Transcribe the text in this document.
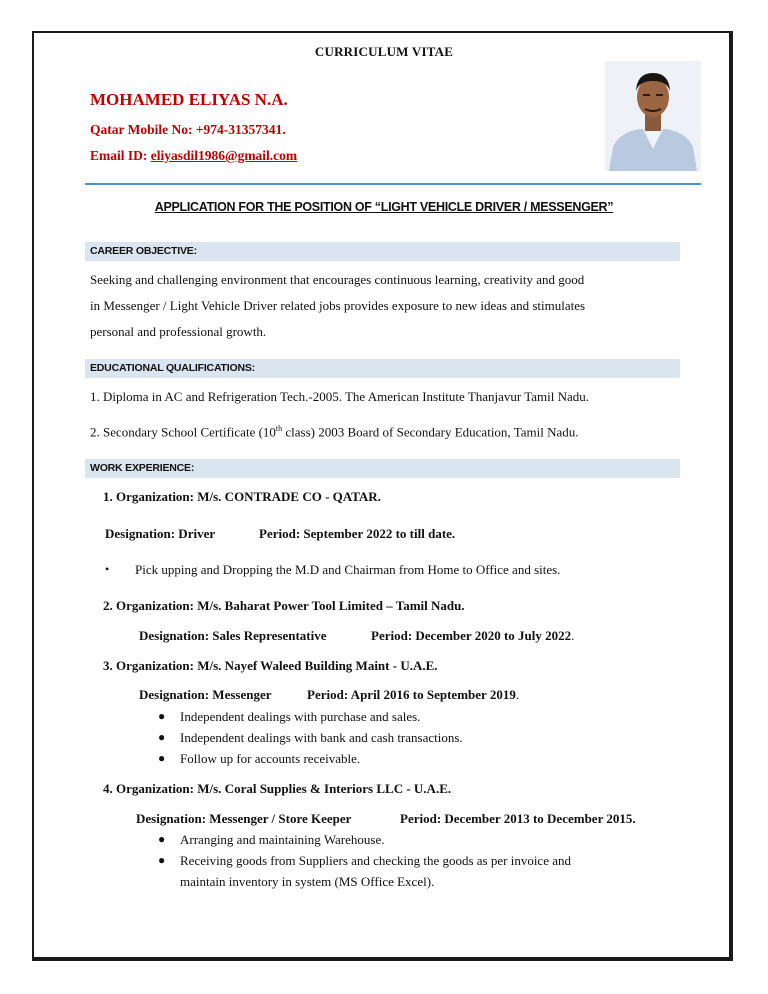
CURRICULUM VITAE
MOHAMED ELIYAS N.A.
Qatar Mobile No: +974-31357341.
Email ID: eliyasdil1986@gmail.com
APPLICATION FOR THE POSITION OF “LIGHT VEHICLE DRIVER / MESSENGER”
CAREER OBJECTIVE:
Seeking and challenging environment that encourages continuous learning, creativity and good
in Messenger / Light Vehicle Driver related jobs provides exposure to new ideas and stimulates
personal and professional growth.
EDUCATIONAL QUALIFICATIONS:
1. Diploma in AC and Refrigeration Tech.-2005. The American Institute Thanjavur Tamil Nadu.
2. Secondary School Certificate (10th class) 2003 Board of Secondary Education, Tamil Nadu.
WORK EXPERIENCE:
1. Organization: M/s. CONTRADE CO - QATAR.
Designation: Driver	Period: September 2022 to till date.
• Pick upping and Dropping the M.D and Chairman from Home to Office and sites.
2. Organization: M/s. Baharat Power Tool Limited – Tamil Nadu.
Designation: Sales Representative	Period: December 2020 to July 2022.
3. Organization: M/s. Nayef Waleed Building Maint - U.A.E.
Designation: Messenger	Period: April 2016 to September 2019.
● Independent dealings with purchase and sales.
● Independent dealings with bank and cash transactions.
● Follow up for accounts receivable.
4. Organization: M/s. Coral Supplies & Interiors LLC - U.A.E.
Designation: Messenger / Store Keeper	Period: December 2013 to December 2015.
● Arranging and maintaining Warehouse.
● Receiving goods from Suppliers and checking the goods as per invoice and
maintain inventory in system (MS Office Excel).
